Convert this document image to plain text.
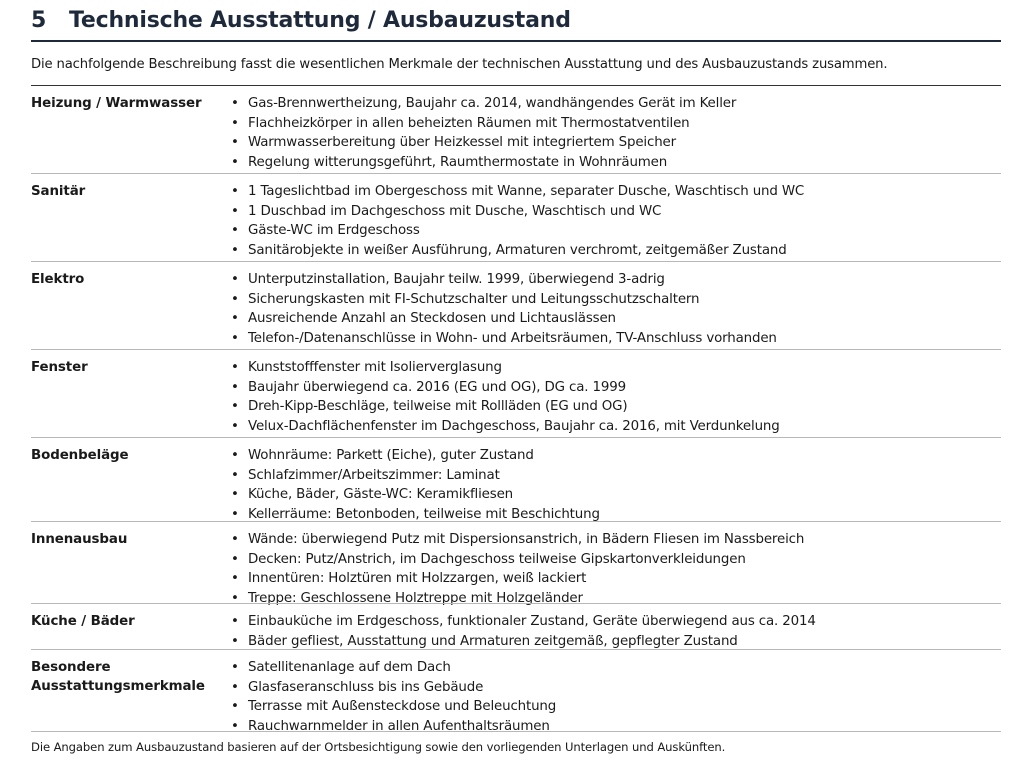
5 Technische Ausstattung / Ausbauzustand
Die nachfolgende Beschreibung fasst die wesentlichen Merkmale der technischen Ausstattung und des Ausbauzustands zusammen.
Heizung / Warmwasser	• Gas-Brennwertheizung, Baujahr ca. 2014, wandhängendes Gerät im Keller
• Flachheizkörper in allen beheizten Räumen mit Thermostatventilen
• Warmwasserbereitung über Heizkessel mit integriertem Speicher
• Regelung witterungsgeführt, Raumthermostate in Wohnräumen
Sanitär	• 1 Tageslichtbad im Obergeschoss mit Wanne, separater Dusche, Waschtisch und WC
• 1 Duschbad im Dachgeschoss mit Dusche, Waschtisch und WC
• Gäste-WC im Erdgeschoss
• Sanitärobjekte in weißer Ausführung, Armaturen verchromt, zeitgemäßer Zustand
Elektro	• Unterputzinstallation, Baujahr teilw. 1999, überwiegend 3-adrig
• Sicherungskasten mit FI-Schutzschalter und Leitungsschutzschaltern
• Ausreichende Anzahl an Steckdosen und Lichtauslässen
• Telefon-/Datenanschlüsse in Wohn- und Arbeitsräumen, TV-Anschluss vorhanden
Fenster	• Kunststofffenster mit Isolierverglasung
• Baujahr überwiegend ca. 2016 (EG und OG), DG ca. 1999
• Dreh-Kipp-Beschläge, teilweise mit Rollläden (EG und OG)
• Velux-Dachflächenfenster im Dachgeschoss, Baujahr ca. 2016, mit Verdunkelung
Bodenbeläge	• Wohnräume: Parkett (Eiche), guter Zustand
• Schlafzimmer/Arbeitszimmer: Laminat
• Küche, Bäder, Gäste-WC: Keramikfliesen
• Kellerräume: Betonboden, teilweise mit Beschichtung
Innenausbau	• Wände: überwiegend Putz mit Dispersionsanstrich, in Bädern Fliesen im Nassbereich
• Decken: Putz/Anstrich, im Dachgeschoss teilweise Gipskartonverkleidungen
• Innentüren: Holztüren mit Holzzargen, weiß lackiert
• Treppe: Geschlossene Holztreppe mit Holzgeländer
Küche / Bäder	• Einbauküche im Erdgeschoss, funktionaler Zustand, Geräte überwiegend aus ca. 2014
• Bäder gefliest, Ausstattung und Armaturen zeitgemäß, gepflegter Zustand
Besondere Ausstattungsmerkmale
• Satellitenanlage auf dem Dach
• Glasfaseranschluss bis ins Gebäude
• Terrasse mit Außensteckdose und Beleuchtung
• Rauchwarnmelder in allen Aufenthaltsräumen
Die Angaben zum Ausbauzustand basieren auf der Ortsbesichtigung sowie den vorliegenden Unterlagen und Auskünften.
